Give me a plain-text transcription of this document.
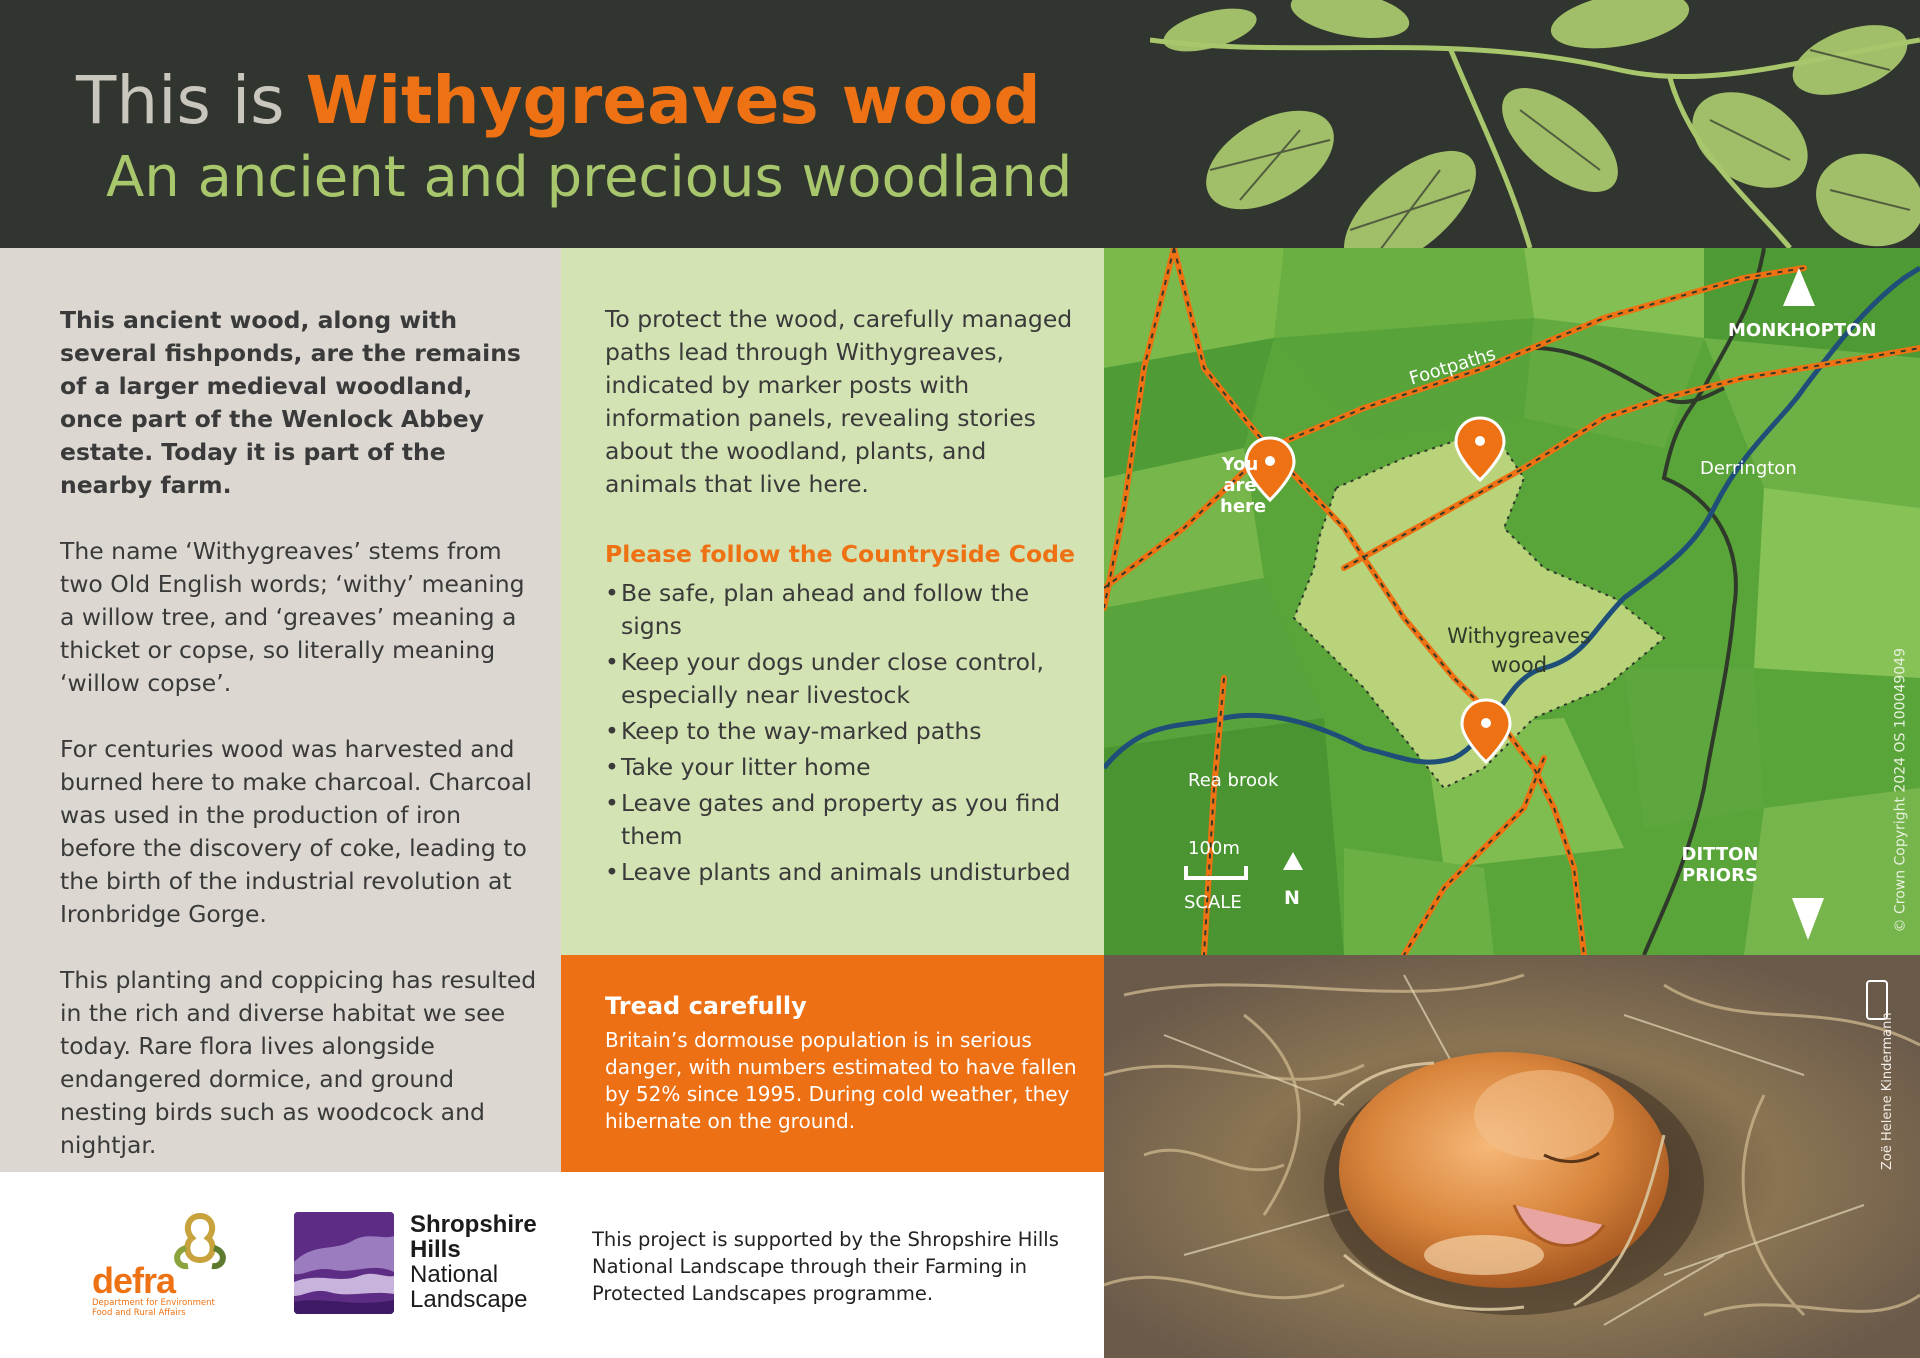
This is Withygreaves wood
An ancient and precious woodland

This ancient wood, along with several fishponds, are the remains of a larger medieval woodland, once part of the Wenlock Abbey estate. Today it is part of the nearby farm.

The name ‘Withygreaves’ stems from two Old English words; ‘withy’ meaning a willow tree, and ‘greaves’ meaning a thicket or copse, so literally meaning ‘willow copse’.

For centuries wood was harvested and burned here to make charcoal. Charcoal was used in the production of iron before the discovery of coke, leading to the birth of the industrial revolution at Ironbridge Gorge.

This planting and coppicing has resulted in the rich and diverse habitat we see today. Rare flora lives alongside endangered dormice, and ground nesting birds such as woodcock and nightjar.

To protect the wood, carefully managed paths lead through Withygreaves, indicated by marker posts with information panels, revealing stories about the woodland, plants, and animals that live here.

Please follow the Countryside Code
•Be safe, plan ahead and follow the signs
•Keep your dogs under close control, especially near livestock
•Keep to the way-marked paths
•Take your litter home
•Leave gates and property as you find them
•Leave plants and animals undisturbed
Tread carefully

Britain’s dormouse population is in serious danger, with numbers estimated to have fallen by 52% since 1995. During cold weather, they hibernate on the ground.

MONKHOPTON
Footpaths
You
are
here
Derrington
Withygreaves
wood
Rea brook
100m
SCALE N
DITTON
PRIORS	© Crown Copyright 2024 OS 100049049
Zoë Helene Kindermann
defra
Department for Environment Food and Rural Affairs
Shropshire
Hills
National
Landscape
This project is supported by the Shropshire Hills National Landscape through their Farming in Protected Landscapes programme.
